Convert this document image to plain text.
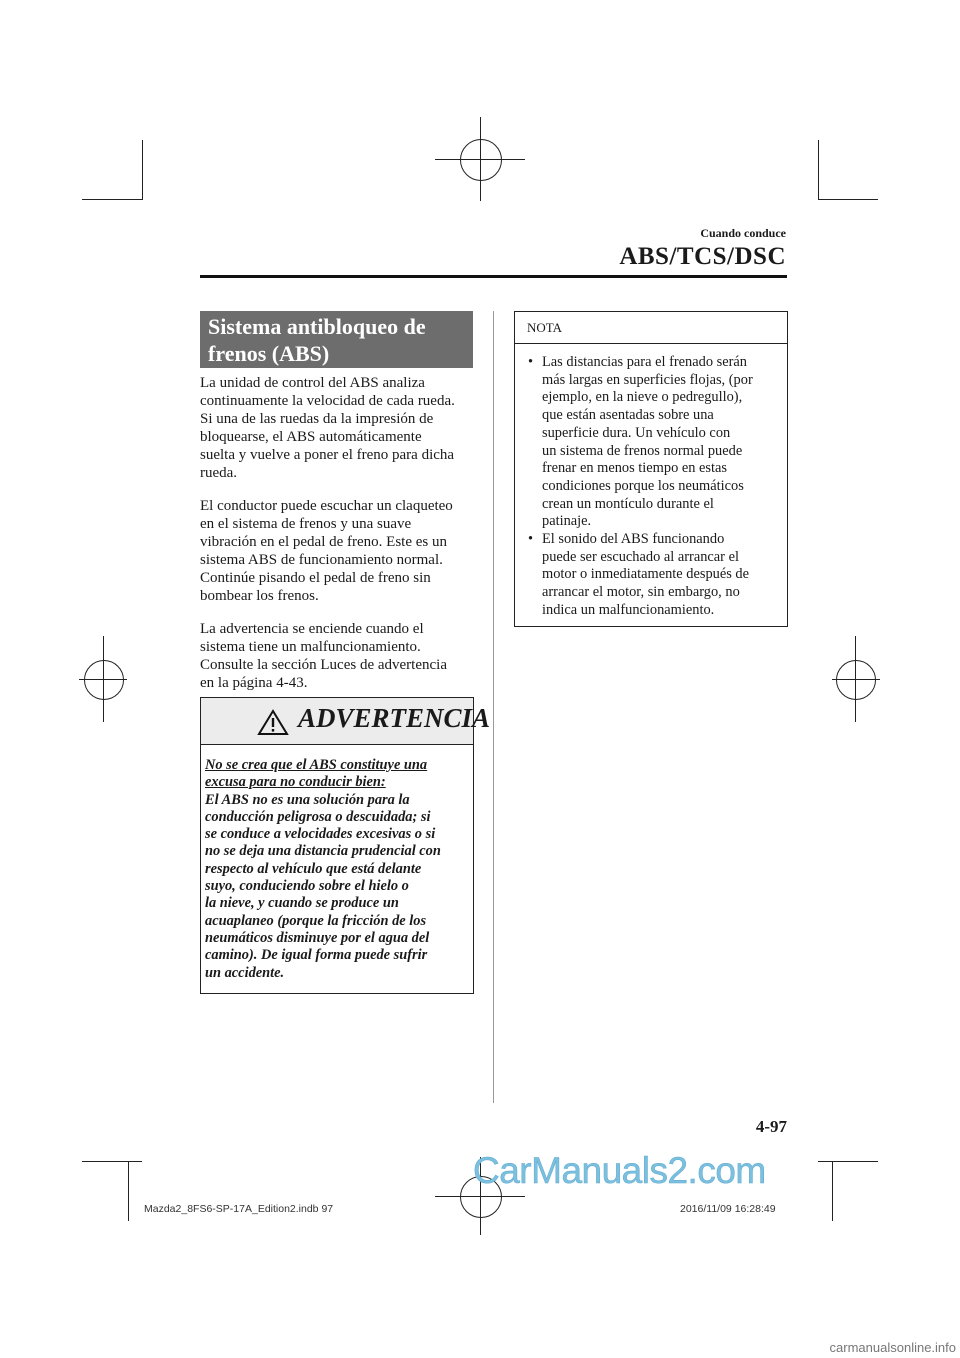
Cuando conduce
ABS/TCS/DSC
Sistema antibloqueo de
frenos (ABS)
La unidad de control del ABS analiza
continuamente la velocidad de cada rueda.
Si una de las ruedas da la impresión de
bloquearse, el ABS automáticamente
suelta y vuelve a poner el freno para dicha
rueda.
El conductor puede escuchar un claqueteo
en el sistema de frenos y una suave
vibración en el pedal de freno. Este es un
sistema ABS de funcionamiento normal.
Continúe pisando el pedal de freno sin
bombear los frenos.
La advertencia se enciende cuando el
sistema tiene un malfuncionamiento.
Consulte la sección Luces de advertencia
en la página 4-43.
ADVERTENCIA
No se crea que el ABS constituye una
excusa para no conducir bien:
El ABS no es una solución para la
conducción peligrosa o descuidada; si
se conduce a velocidades excesivas o si
no se deja una distancia prudencial con
respecto al vehículo que está delante
suyo, conduciendo sobre el hielo o
la nieve, y cuando se produce un
acuaplaneo (porque la fricción de los
neumáticos disminuye por el agua del
camino). De igual forma puede sufrir
un accidente.
NOTA
• Las distancias para el frenado serán
más largas en superficies flojas, (por
ejemplo, en la nieve o pedregullo),
que están asentadas sobre una
superficie dura. Un vehículo con
un sistema de frenos normal puede
frenar en menos tiempo en estas
condiciones porque los neumáticos
crean un montículo durante el
patinaje.
• El sonido del ABS funcionando
puede ser escuchado al arrancar el
motor o inmediatamente después de
arrancar el motor, sin embargo, no
indica un malfuncionamiento.
4-97
CarManuals2.com
Mazda2_8FS6-SP-17A_Edition2.indb 97	2016/11/09 16:28:49
carmanualsonline.info
